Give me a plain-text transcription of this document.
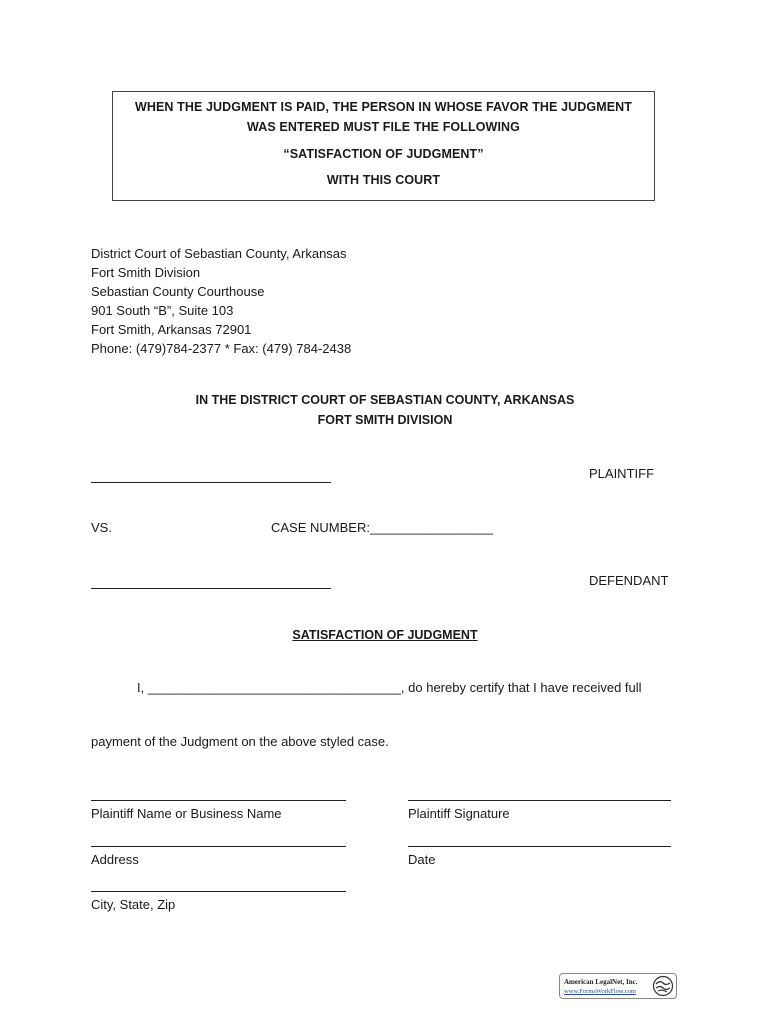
WHEN THE JUDGMENT IS PAID, THE PERSON IN WHOSE FAVOR THE JUDGMENT
WAS ENTERED MUST FILE THE FOLLOWING
“SATISFACTION OF JUDGMENT”
WITH THIS COURT
District Court of Sebastian County, Arkansas
Fort Smith Division
Sebastian County Courthouse
901 South “B”, Suite 103
Fort Smith, Arkansas 72901
Phone: (479)784-2377 * Fax: (479) 784-2438
IN THE DISTRICT COURT OF SEBASTIAN COUNTY, ARKANSAS
FORT SMITH DIVISION
PLAINTIFF
VS.	CASE NUMBER:_________________
DEFENDANT
SATISFACTION OF JUDGMENT
I, ___________________________________, do hereby certify that I have received full
payment of the Judgment on the above styled case.
Plaintiff Name or Business Name	Plaintiff Signature
Address	Date
City, State, Zip
American LegalNet, Inc.
www.FormsWorkFlow.com
